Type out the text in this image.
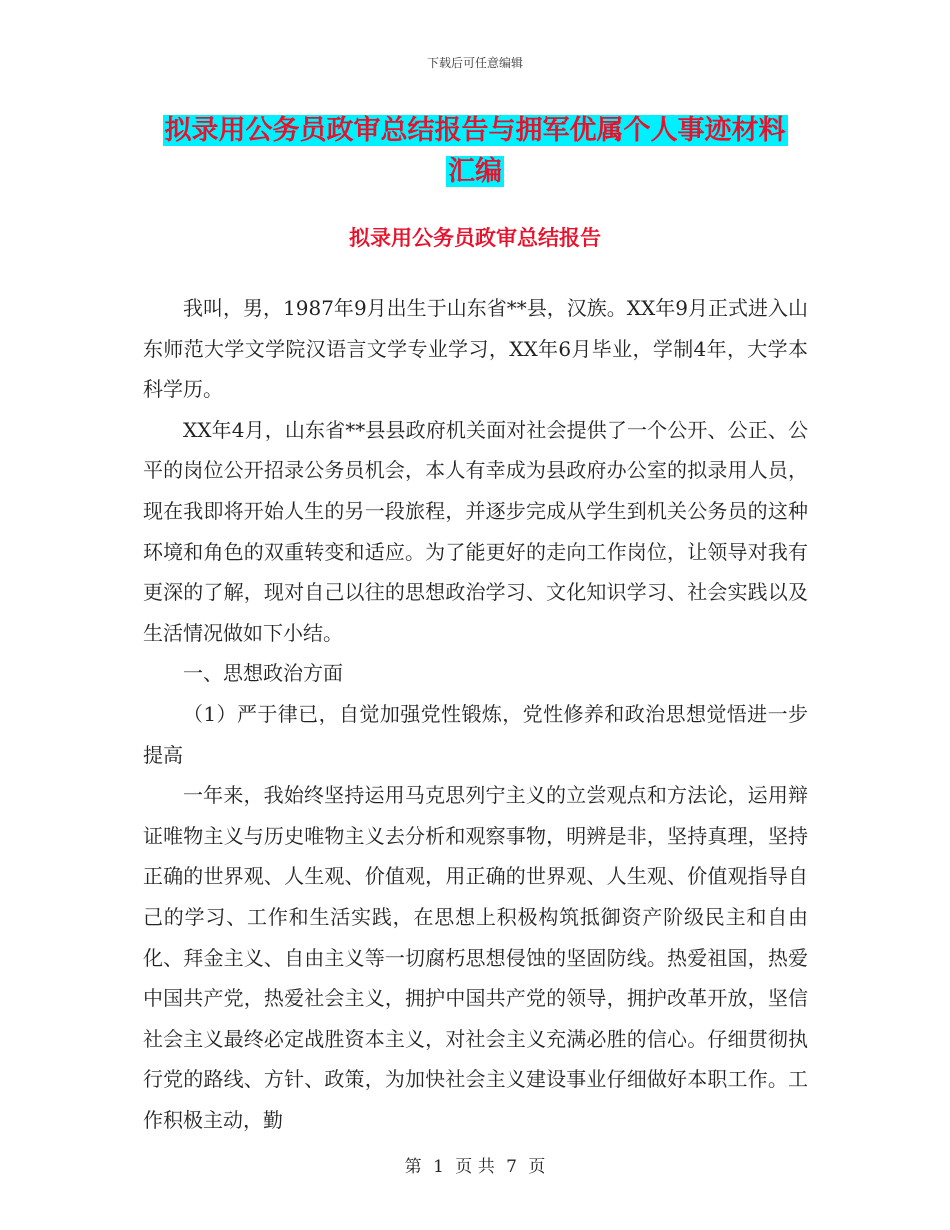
下载后可任意编辑
拟录用公务员政审总结报告与拥军优属个人事迹材料
汇编
拟录用公务员政审总结报告

我叫，男，1987年9月出生于山东省**县，汉族。XX年9月正式进入山东师范大学文学院汉语言文学专业学习，XX年6月毕业，学制4年，大学本科学历。

XX年4月，山东省**县县政府机关面对社会提供了一个公开、公正、公平的岗位公开招录公务员机会，本人有幸成为县政府办公室的拟录用人员，现在我即将开始人生的另一段旅程，并逐步完成从学生到机关公务员的这种环境和角色的双重转变和适应。为了能更好的走向工作岗位，让领导对我有更深的了解，现对自己以往的思想政治学习、文化知识学习、社会实践以及生活情况做如下小结。

一、思想政治方面

（1）严于律已，自觉加强党性锻炼，党性修养和政治思想觉悟进一步提高

一年来，我始终坚持运用马克思列宁主义的立尝观点和方法论，运用辩证唯物主义与历史唯物主义去分析和观察事物，明辨是非，坚持真理，坚持正确的世界观、人生观、价值观，用正确的世界观、人生观、价值观指导自己的学习、工作和生活实践，在思想上积极构筑抵御资产阶级民主和自由化、拜金主义、自由主义等一切腐朽思想侵蚀的坚固防线。热爱祖国，热爱中国共产党，热爱社会主义，拥护中国共产党的领导，拥护改革开放，坚信社会主义最终必定战胜资本主义，对社会主义充满必胜的信心。仔细贯彻执行党的路线、方针、政策，为加快社会主义建设事业仔细做好本职工作。工作积极主动，勤

第 1 页 共 7 页
